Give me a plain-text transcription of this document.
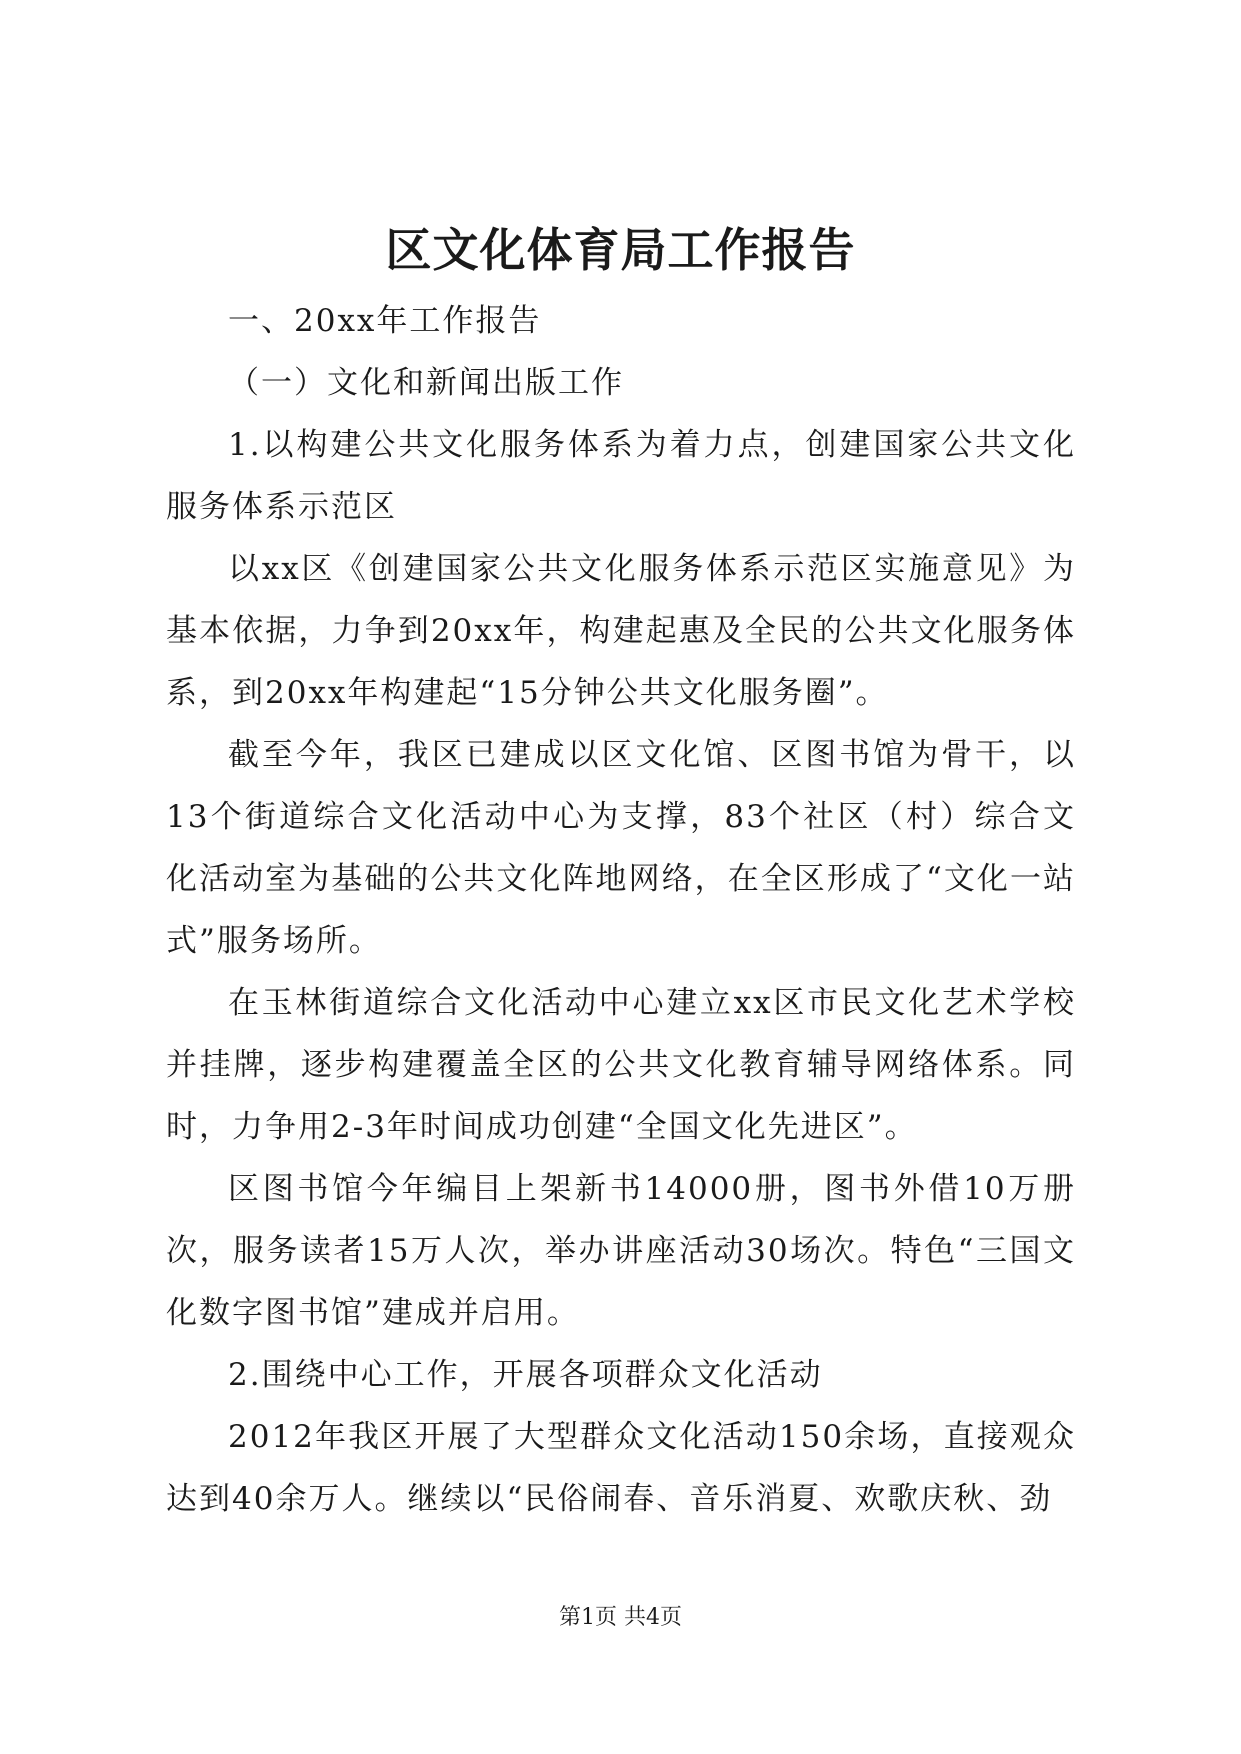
区文化体育局工作报告

一、20xx年工作报告

（一）文化和新闻出版工作

1.以构建公共文化服务体系为着力点，创建国家公共文化服务体系示范区

以xx区《创建国家公共文化服务体系示范区实施意见》为基本依据，力争到20xx年，构建起惠及全民的公共文化服务体系，到20xx年构建起“15分钟公共文化服务圈”。

截至今年，我区已建成以区文化馆、区图书馆为骨干，以13个街道综合文化活动中心为支撑，83个社区（村）综合文化活动室为基础的公共文化阵地网络，在全区形成了“文化一站式”服务场所。

在玉林街道综合文化活动中心建立xx区市民文化艺术学校并挂牌，逐步构建覆盖全区的公共文化教育辅导网络体系。同时，力争用2-3年时间成功创建“全国文化先进区”。

区图书馆今年编目上架新书14000册，图书外借10万册次，服务读者15万人次，举办讲座活动30场次。特色“三国文化数字图书馆”建成并启用。

2.围绕中心工作，开展各项群众文化活动

2012年我区开展了大型群众文化活动150余场，直接观众达到40余万人。继续以“民俗闹春、音乐消夏、欢歌庆秋、劲

第1页 共4页
